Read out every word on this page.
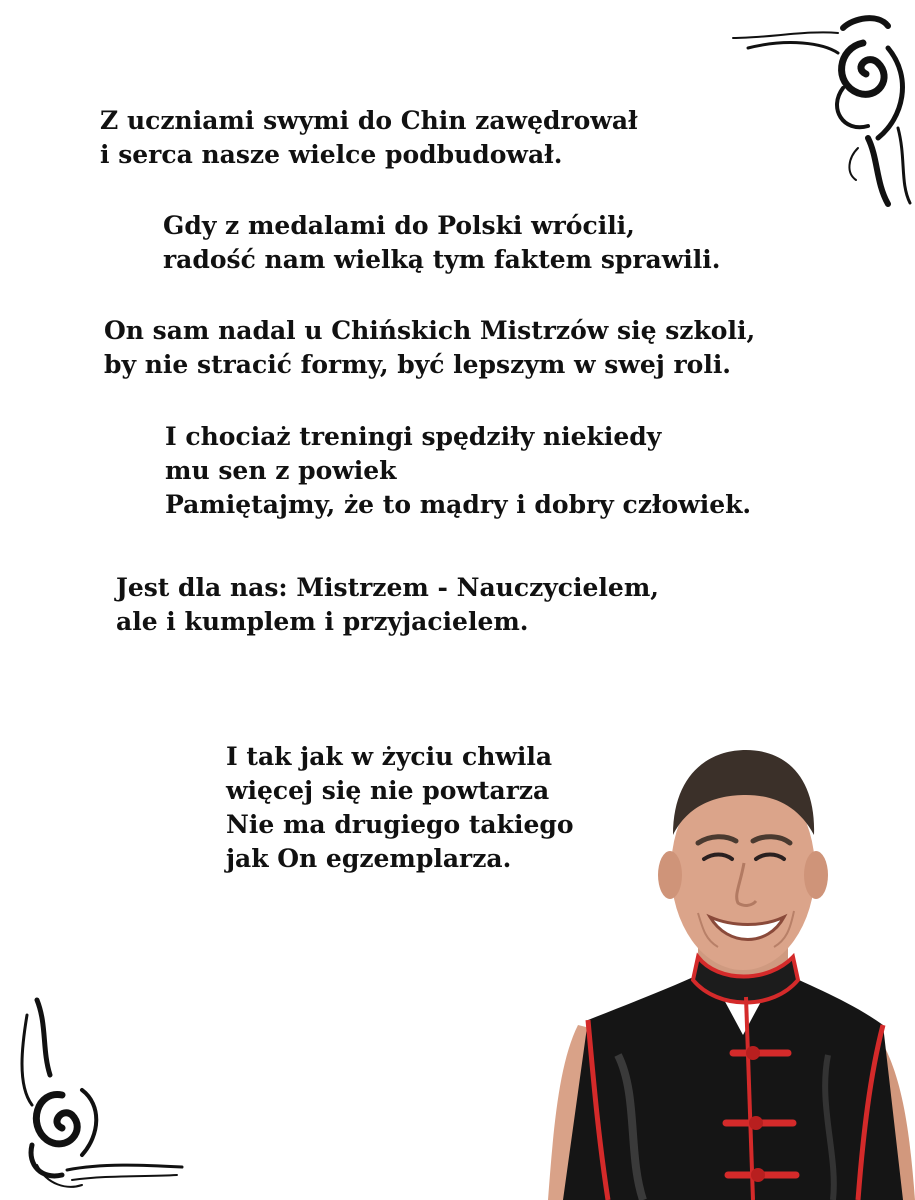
Z uczniami swymi do Chin zawędrował
i serca nasze wielce podbudował.

Gdy z medalami do Polski wrócili,
radość nam wielką tym faktem sprawili.

On sam nadal u Chińskich Mistrzów się szkoli,
by nie stracić formy, być lepszym w swej roli.

I chociaż treningi spędziły niekiedy
mu sen z powiek
Pamiętajmy, że to mądry i dobry człowiek.

Jest dla nas: Mistrzem - Nauczycielem,
ale i kumplem i przyjacielem.

I tak jak w życiu chwila
więcej się nie powtarza
Nie ma drugiego takiego
jak On egzemplarza.
